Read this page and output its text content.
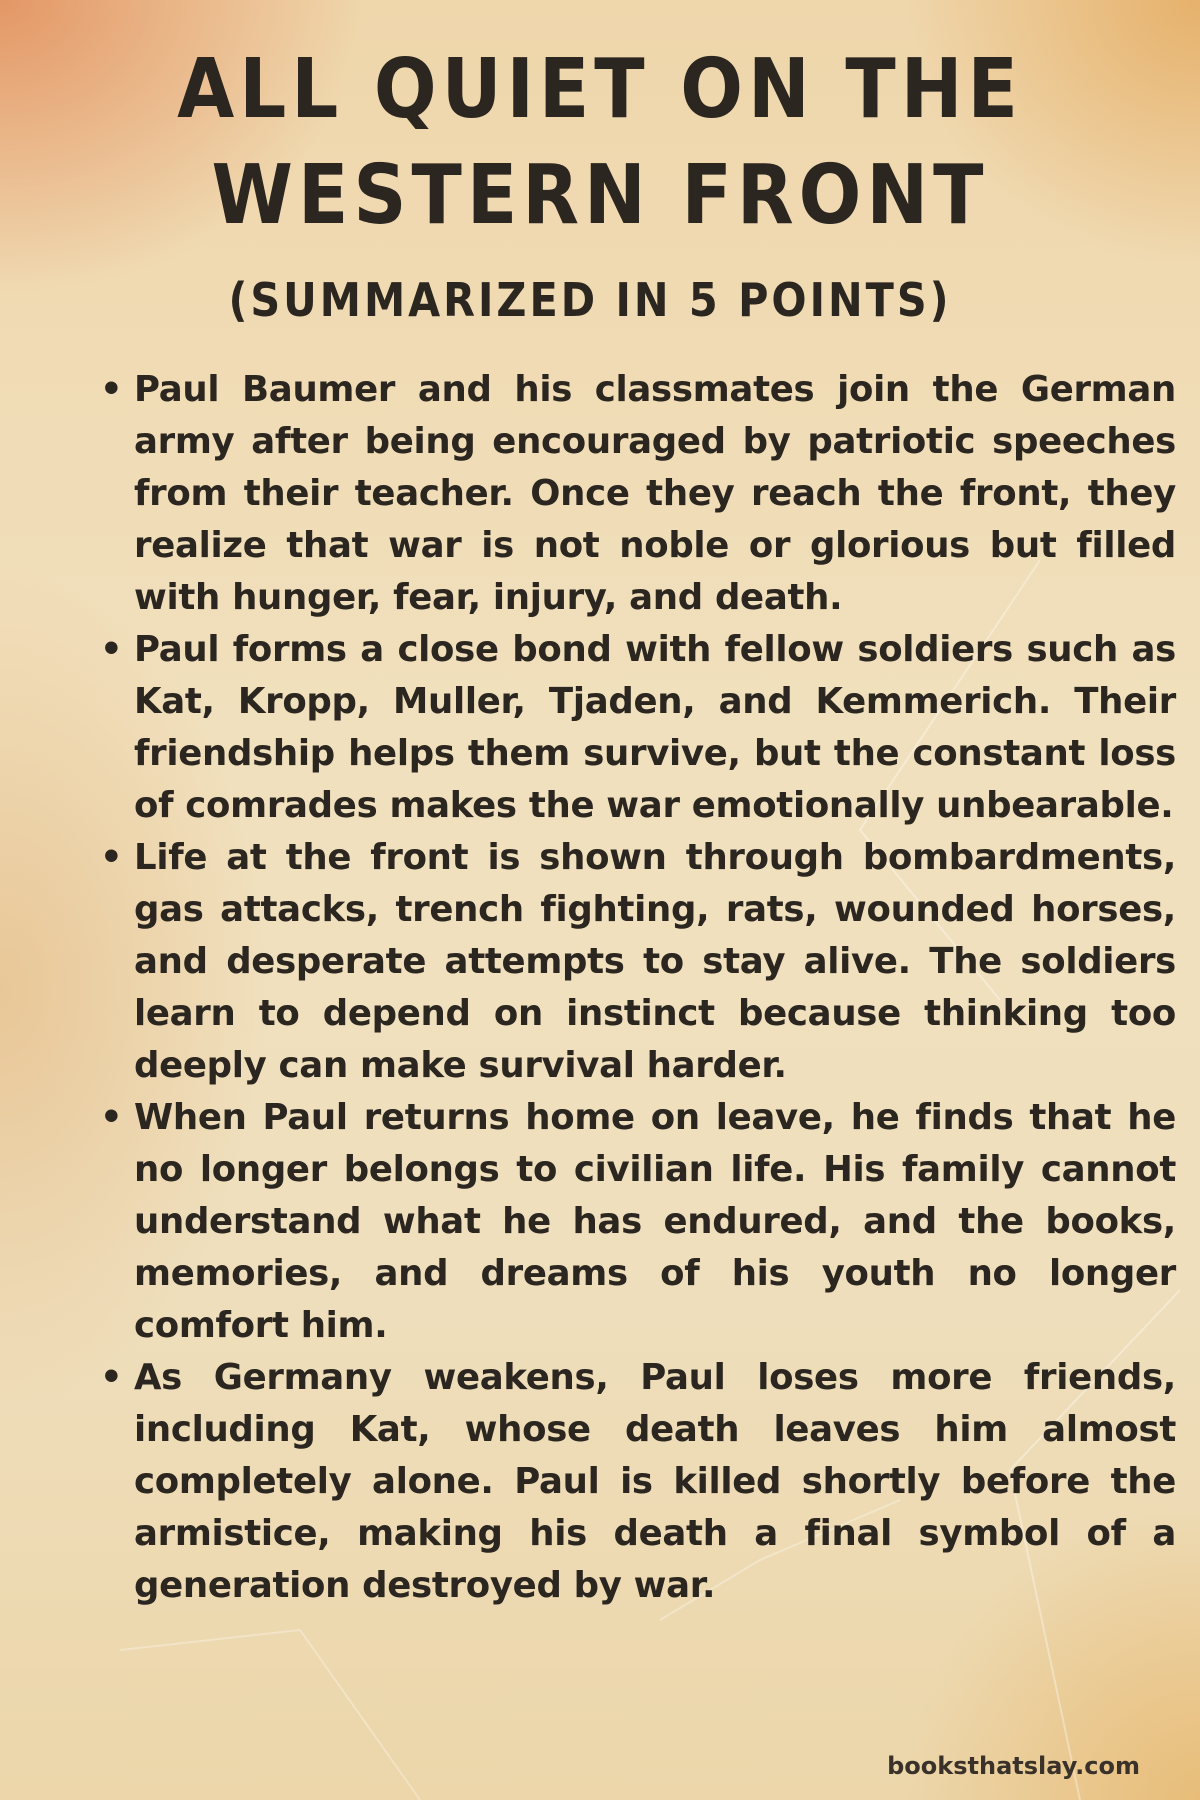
ALL QUIET ON THE
WESTERN FRONT
(SUMMARIZED IN 5 POINTS)
• Paul Baumer and his classmates join the German army after being encouraged by patriotic speeches from their teacher. Once they reach the front, they realize that war is not noble or glorious but filled with hunger, fear, injury, and death.
• Paul forms a close bond with fellow soldiers such as Kat, Kropp, Muller, Tjaden, and Kemmerich. Their friendship helps them survive, but the constant loss of comrades makes the war emotionally unbearable.
• Life at the front is shown through bombardments, gas attacks, trench fighting, rats, wounded horses, and desperate attempts to stay alive. The soldiers learn to depend on instinct because thinking too deeply can make survival harder.
• When Paul returns home on leave, he finds that he no longer belongs to civilian life. His family cannot understand what he has endured, and the books, memories, and dreams of his youth no longer comfort him.
• As Germany weakens, Paul loses more friends, including Kat, whose death leaves him almost completely alone. Paul is killed shortly before the armistice, making his death a final symbol of a generation destroyed by war.
booksthatslay.com
